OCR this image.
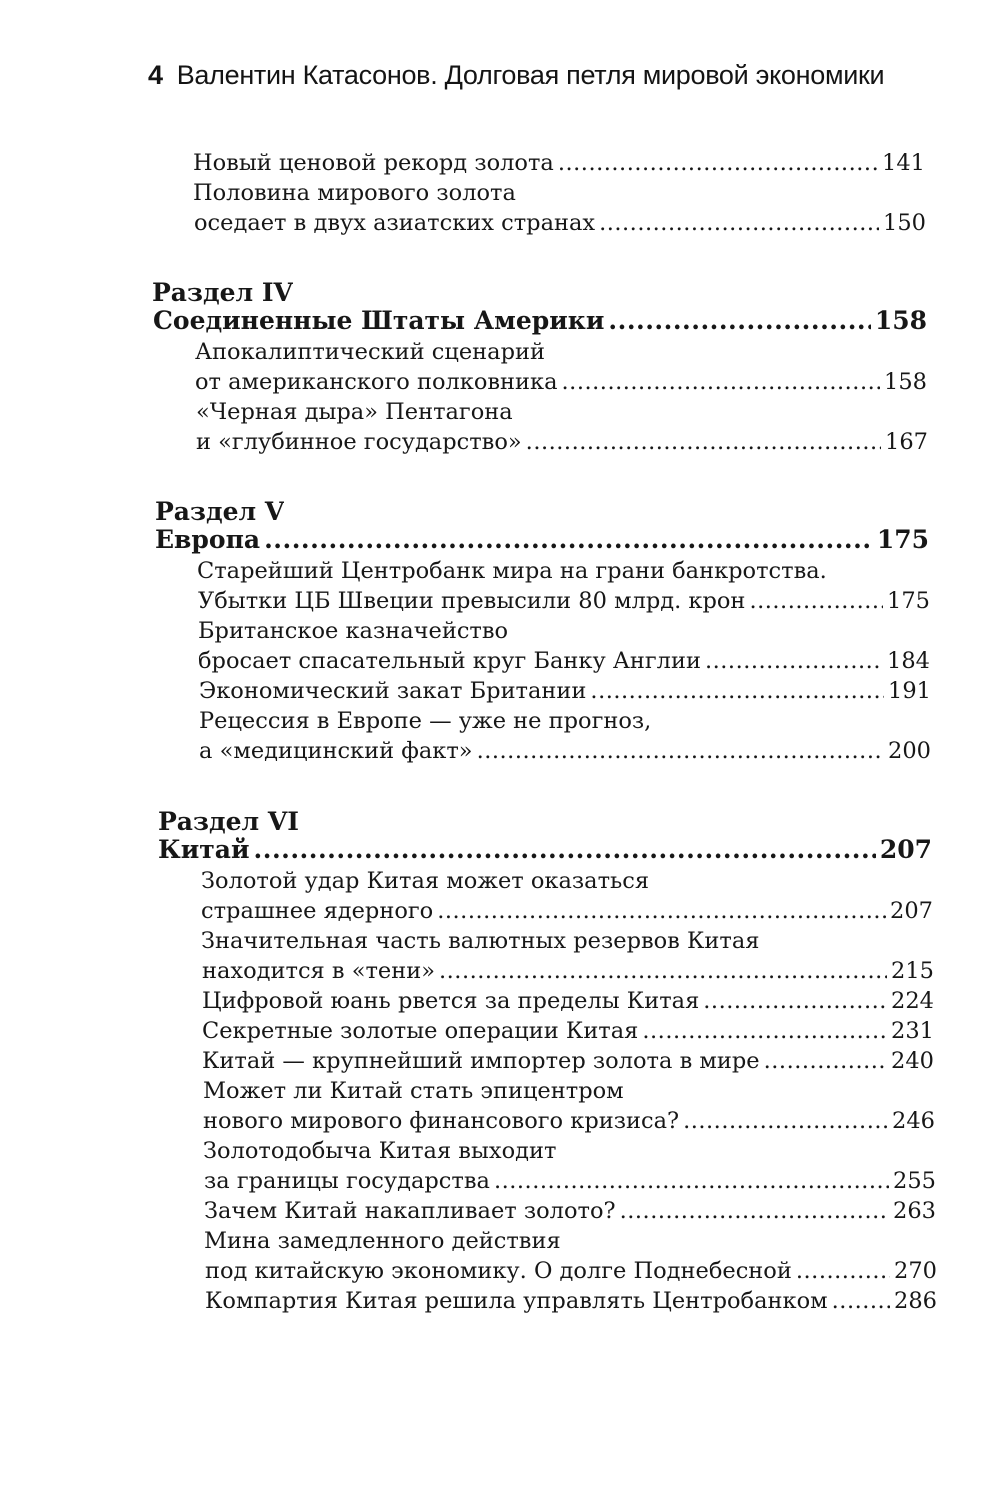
4 Валентин Катасонов. Долговая петля мировой экономики
Новый ценовой рекорд золота .....	141
Половина мирового золота
оседает в двух азиатских странах .....	150
Раздел IV
Соединенные Штаты Америки .....	158
Апокалиптический сценарий
от американского полковника .....	158
«Черная дыра» Пентагона
и «глубинное государство» .....	167
Раздел V
Европа .....	175
Старейший Центробанк мира на грани банкротства.
Убытки ЦБ Швеции превысили 80 млрд. крон .....	175
Британское казначейство
бросает спасательный круг Банку Англии .....	184
Экономический закат Британии .....	191
Рецессия в Европе — уже не прогноз,
а «медицинский факт» .....	200
Раздел VI
Китай .....	207
Золотой удар Китая может оказаться
страшнее ядерного .....	207
Значительная часть валютных резервов Китая
находится в «тени» .....	215
Цифровой юань рвется за пределы Китая .....	224
Секретные золотые операции Китая .....	231
Китай — крупнейший импортер золота в мире .....	240
Может ли Китай стать эпицентром
нового мирового финансового кризиса? .....	246
Золотодобыча Китая выходит
за границы государства .....	255
Зачем Китай накапливает золото? .....	263
Мина замедленного действия
под китайскую экономику. О долге Поднебесной .....	270
Компартия Китая решила управлять Центробанком .....	286
